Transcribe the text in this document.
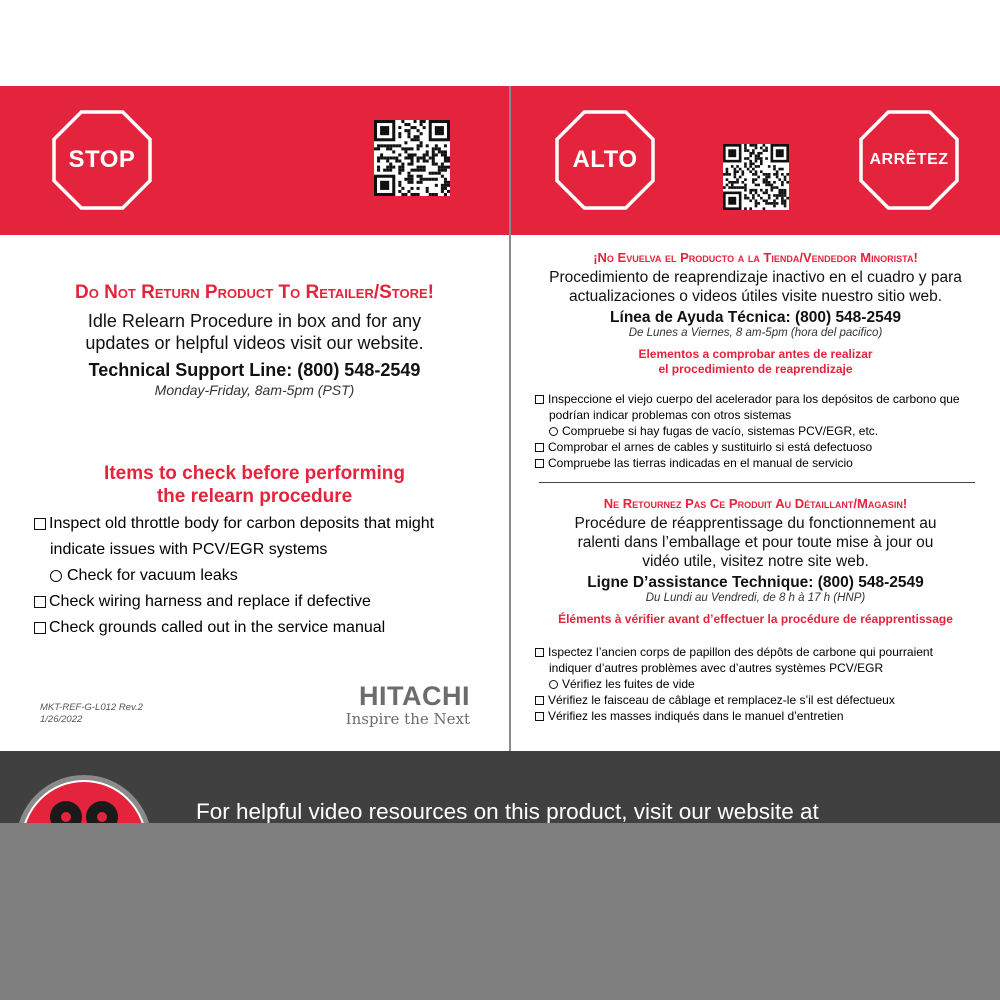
STOP
Do Not Return Product To Retailer/Store!
Idle Relearn Procedure in box and for any
updates or helpful videos visit our website.
Technical Support Line: (800) 548-2549
Monday-Friday, 8am-5pm (PST)
Items to check before performing
the relearn procedure
Inspect old throttle body for carbon deposits that might
indicate issues with PCV/EGR systems
Check for vacuum leaks
Check wiring harness and replace if defective
Check grounds called out in the service manual
MKT-REF-G-L012 Rev.2
1/26/2022
HITACHI
Inspire the Next
ALTO	ARRÊTEZ
¡No Evuelva el Producto a la Tienda/Vendedor Minorista!
Procedimiento de reaprendizaje inactivo en el cuadro y para
actualizaciones o videos útiles visite nuestro sitio web.
Línea de Ayuda Técnica: (800) 548-2549
De Lunes a Viernes, 8 am-5pm (hora del pacifico)
Elementos a comprobar antes de realizar
el procedimiento de reaprendizaje
Inspeccione el viejo cuerpo del acelerador para los depósitos de carbono que
podrían indicar problemas con otros sistemas
Compruebe si hay fugas de vacío, sistemas PCV/EGR, etc.
Comprobar el arnes de cables y sustituirlo si está defectuoso
Compruebe las tierras indicadas en el manual de servicio
Ne Retournez Pas Ce Produit Au Détaillant/Magasin!
Procédure de réapprentissage du fonctionnement au
ralenti dans l’emballage et pour toute mise à jour ou
vidéo utile, visitez notre site web.
Ligne D’assistance Technique: (800) 548-2549
Du Lundi au Vendredi, de 8 h à 17 h (HNP)
Éléments à vérifier avant d’effectuer la procédure de réapprentissage
Ispectez l’ancien corps de papillon des dépôts de carbone qui pourraient
indiquer d’autres problèmes avec d’autres systèmes PCV/EGR
Vérifiez les fuites de vide
Vérifiez le faisceau de câblage et remplacez-le s’il est défectueux
Vérifiez les masses indiqués dans le manuel d’entretien
For helpful video resources on this product, visit our website at
